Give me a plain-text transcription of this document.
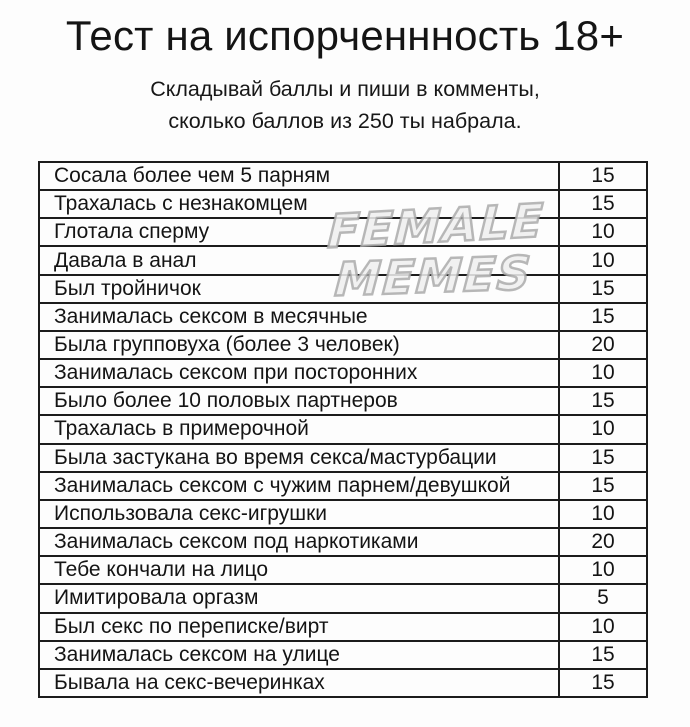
Тест на испорченнность 18+

Складывай баллы и пиши в комменты,
сколько баллов из 250 ты набрала.

Сосала более чем 5 парням	15
Трахалась с незнакомцем	15
Глотала сперму	10
Давала в анал	10
Был тройничок	15
Занималась сексом в месячные	15
Была групповуха (более 3 человек)	20
Занималась сексом при посторонних	10
Было более 10 половых партнеров	15
Трахалась в примерочной	10
Была застукана во время секса/мастурбации	15
Занималась сексом с чужим парнем/девушкой	15
Использовала секс-игрушки	10
Занималась сексом под наркотиками	20
Тебе кончали на лицо	10
Имитировала оргазм	5
Был секс по переписке/вирт	10
Занималась сексом на улице	15
Бывала на секс-вечеринках	15
FEMALE
MEMES
